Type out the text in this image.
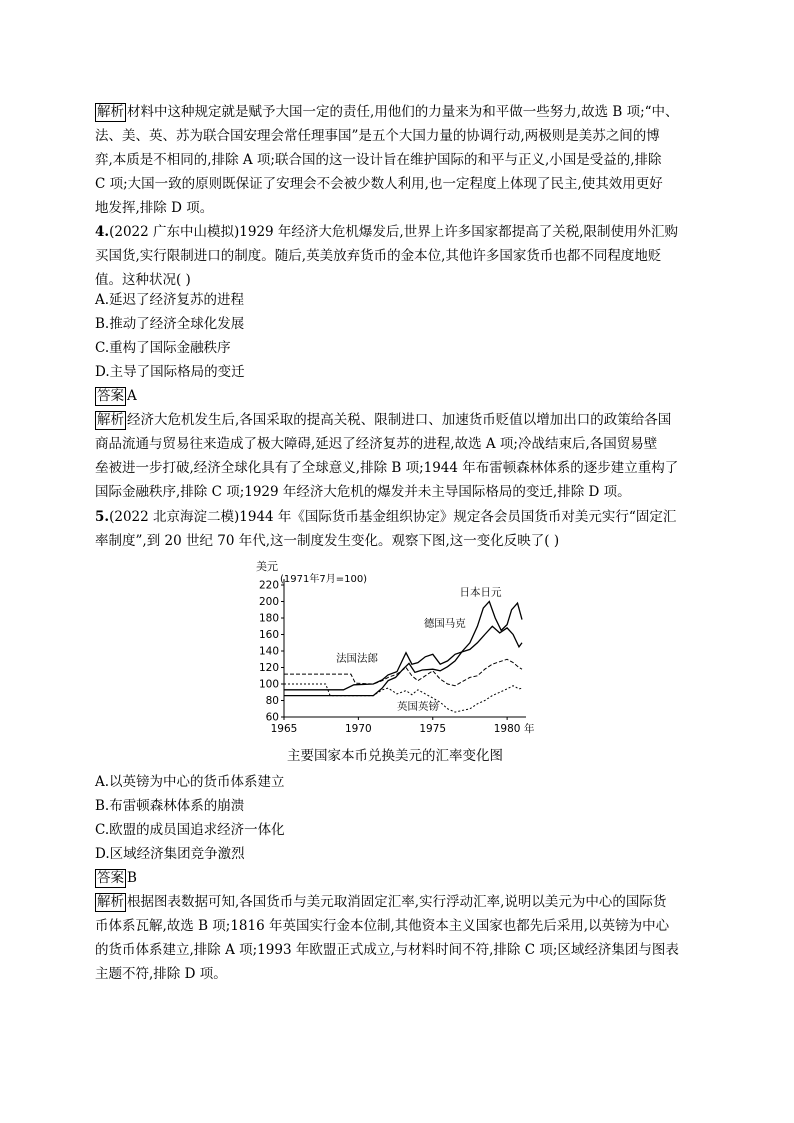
解析 材料中这种规定就是赋予大国一定的责任,用他们的力量来为和平做一些努力,故选 B 项;“中、
法、美、英、苏为联合国安理会常任理事国”是五个大国力量的协调行动,两极则是美苏之间的博
弈,本质是不相同的,排除 A 项;联合国的这一设计旨在维护国际的和平与正义,小国是受益的,排除
C 项;大国一致的原则既保证了安理会不会被少数人利用,也一定程度上体现了民主,使其效用更好
地发挥,排除 D 项。
4.(2022 广东中山模拟)1929 年经济大危机爆发后,世界上许多国家都提高了关税,限制使用外汇购
买国货,实行限制进口的制度。随后,英美放弃货币的金本位,其他许多国家货币也都不同程度地贬
值。这种状况( )
A.延迟了经济复苏的进程
B.推动了经济全球化发展
C.重构了国际金融秩序
D.主导了国际格局的变迁
答案 A
解析 经济大危机发生后,各国采取的提高关税、限制进口、加速货币贬值以增加出口的政策给各国
商品流通与贸易往来造成了极大障碍,延迟了经济复苏的进程,故选 A 项;冷战结束后,各国贸易壁
垒被进一步打破,经济全球化具有了全球意义,排除 B 项;1944 年布雷顿森林体系的逐步建立重构了
国际金融秩序,排除 C 项;1929 年经济大危机的爆发并未主导国际格局的变迁,排除 D 项。
5.(2022 北京海淀二模)1944 年《国际货币基金组织协定》规定各会员国货币对美元实行“固定汇
率制度”,到 20 世纪 70 年代,这一制度发生变化。观察下图,这一变化反映了( )
美元
(1971年7月=100)
60
80
100
120
140
160
180
200
220
1965	1970	1975	1980 年
日本日元
德国马克
法国法郎
英国英镑
主要国家本币兑换美元的汇率变化图
A.以英镑为中心的货币体系建立
B.布雷顿森林体系的崩溃
C.欧盟的成员国追求经济一体化
D.区域经济集团竞争激烈
答案 B
解析 根据图表数据可知,各国货币与美元取消固定汇率,实行浮动汇率,说明以美元为中心的国际货
币体系瓦解,故选 B 项;1816 年英国实行金本位制,其他资本主义国家也都先后采用,以英镑为中心
的货币体系建立,排除 A 项;1993 年欧盟正式成立,与材料时间不符,排除 C 项;区域经济集团与图表
主题不符,排除 D 项。
